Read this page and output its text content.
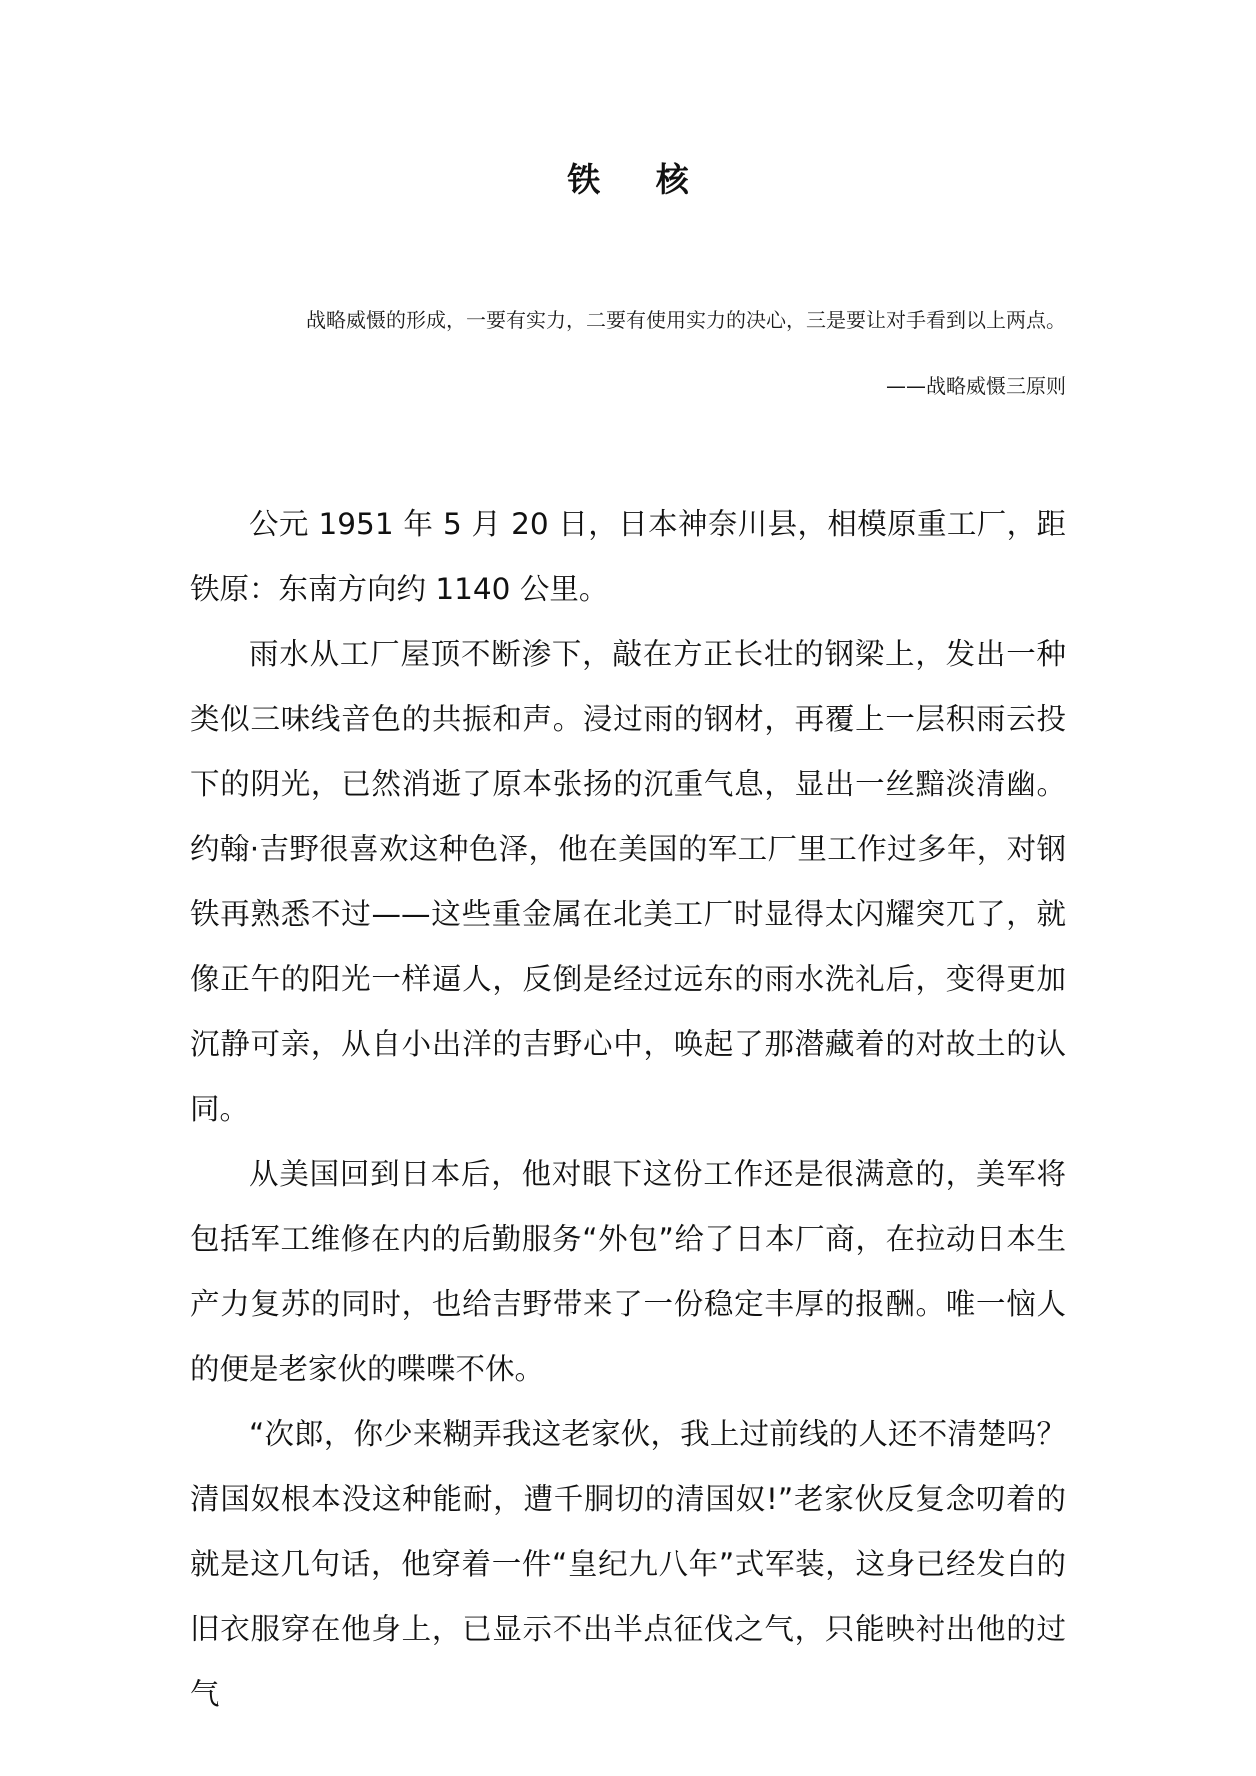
铁 核
战略威慑的形成，一要有实力，二要有使用实力的决心，三是要让对手看到以上两点。
——战略威慑三原则

公元 1951 年 5 月 20 日，日本神奈川县，相模原重工厂，距铁原：东南方向约 1140 公里。

雨水从工厂屋顶不断渗下，敲在方正长壮的钢梁上，发出一种类似三味线音色的共振和声。浸过雨的钢材，再覆上一层积雨云投下的阴光，已然消逝了原本张扬的沉重气息，显出一丝黯淡清幽。约翰·吉野很喜欢这种色泽，他在美国的军工厂里工作过多年，对钢铁再熟悉不过——这些重金属在北美工厂时显得太闪耀突兀了，就像正午的阳光一样逼人，反倒是经过远东的雨水洗礼后，变得更加沉静可亲，从自小出洋的吉野心中，唤起了那潜藏着的对故土的认同。

从美国回到日本后，他对眼下这份工作还是很满意的，美军将包括军工维修在内的后勤服务“外包”给了日本厂商，在拉动日本生产力复苏的同时，也给吉野带来了一份稳定丰厚的报酬。唯一恼人的便是老家伙的喋喋不休。

“次郎，你少来糊弄我这老家伙，我上过前线的人还不清楚吗？清国奴根本没这种能耐，遭千胴切的清国奴!”老家伙反复念叨着的就是这几句话，他穿着一件“皇纪九八年”式军装，这身已经发白的旧衣服穿在他身上，已显示不出半点征伐之气，只能映衬出他的过气
